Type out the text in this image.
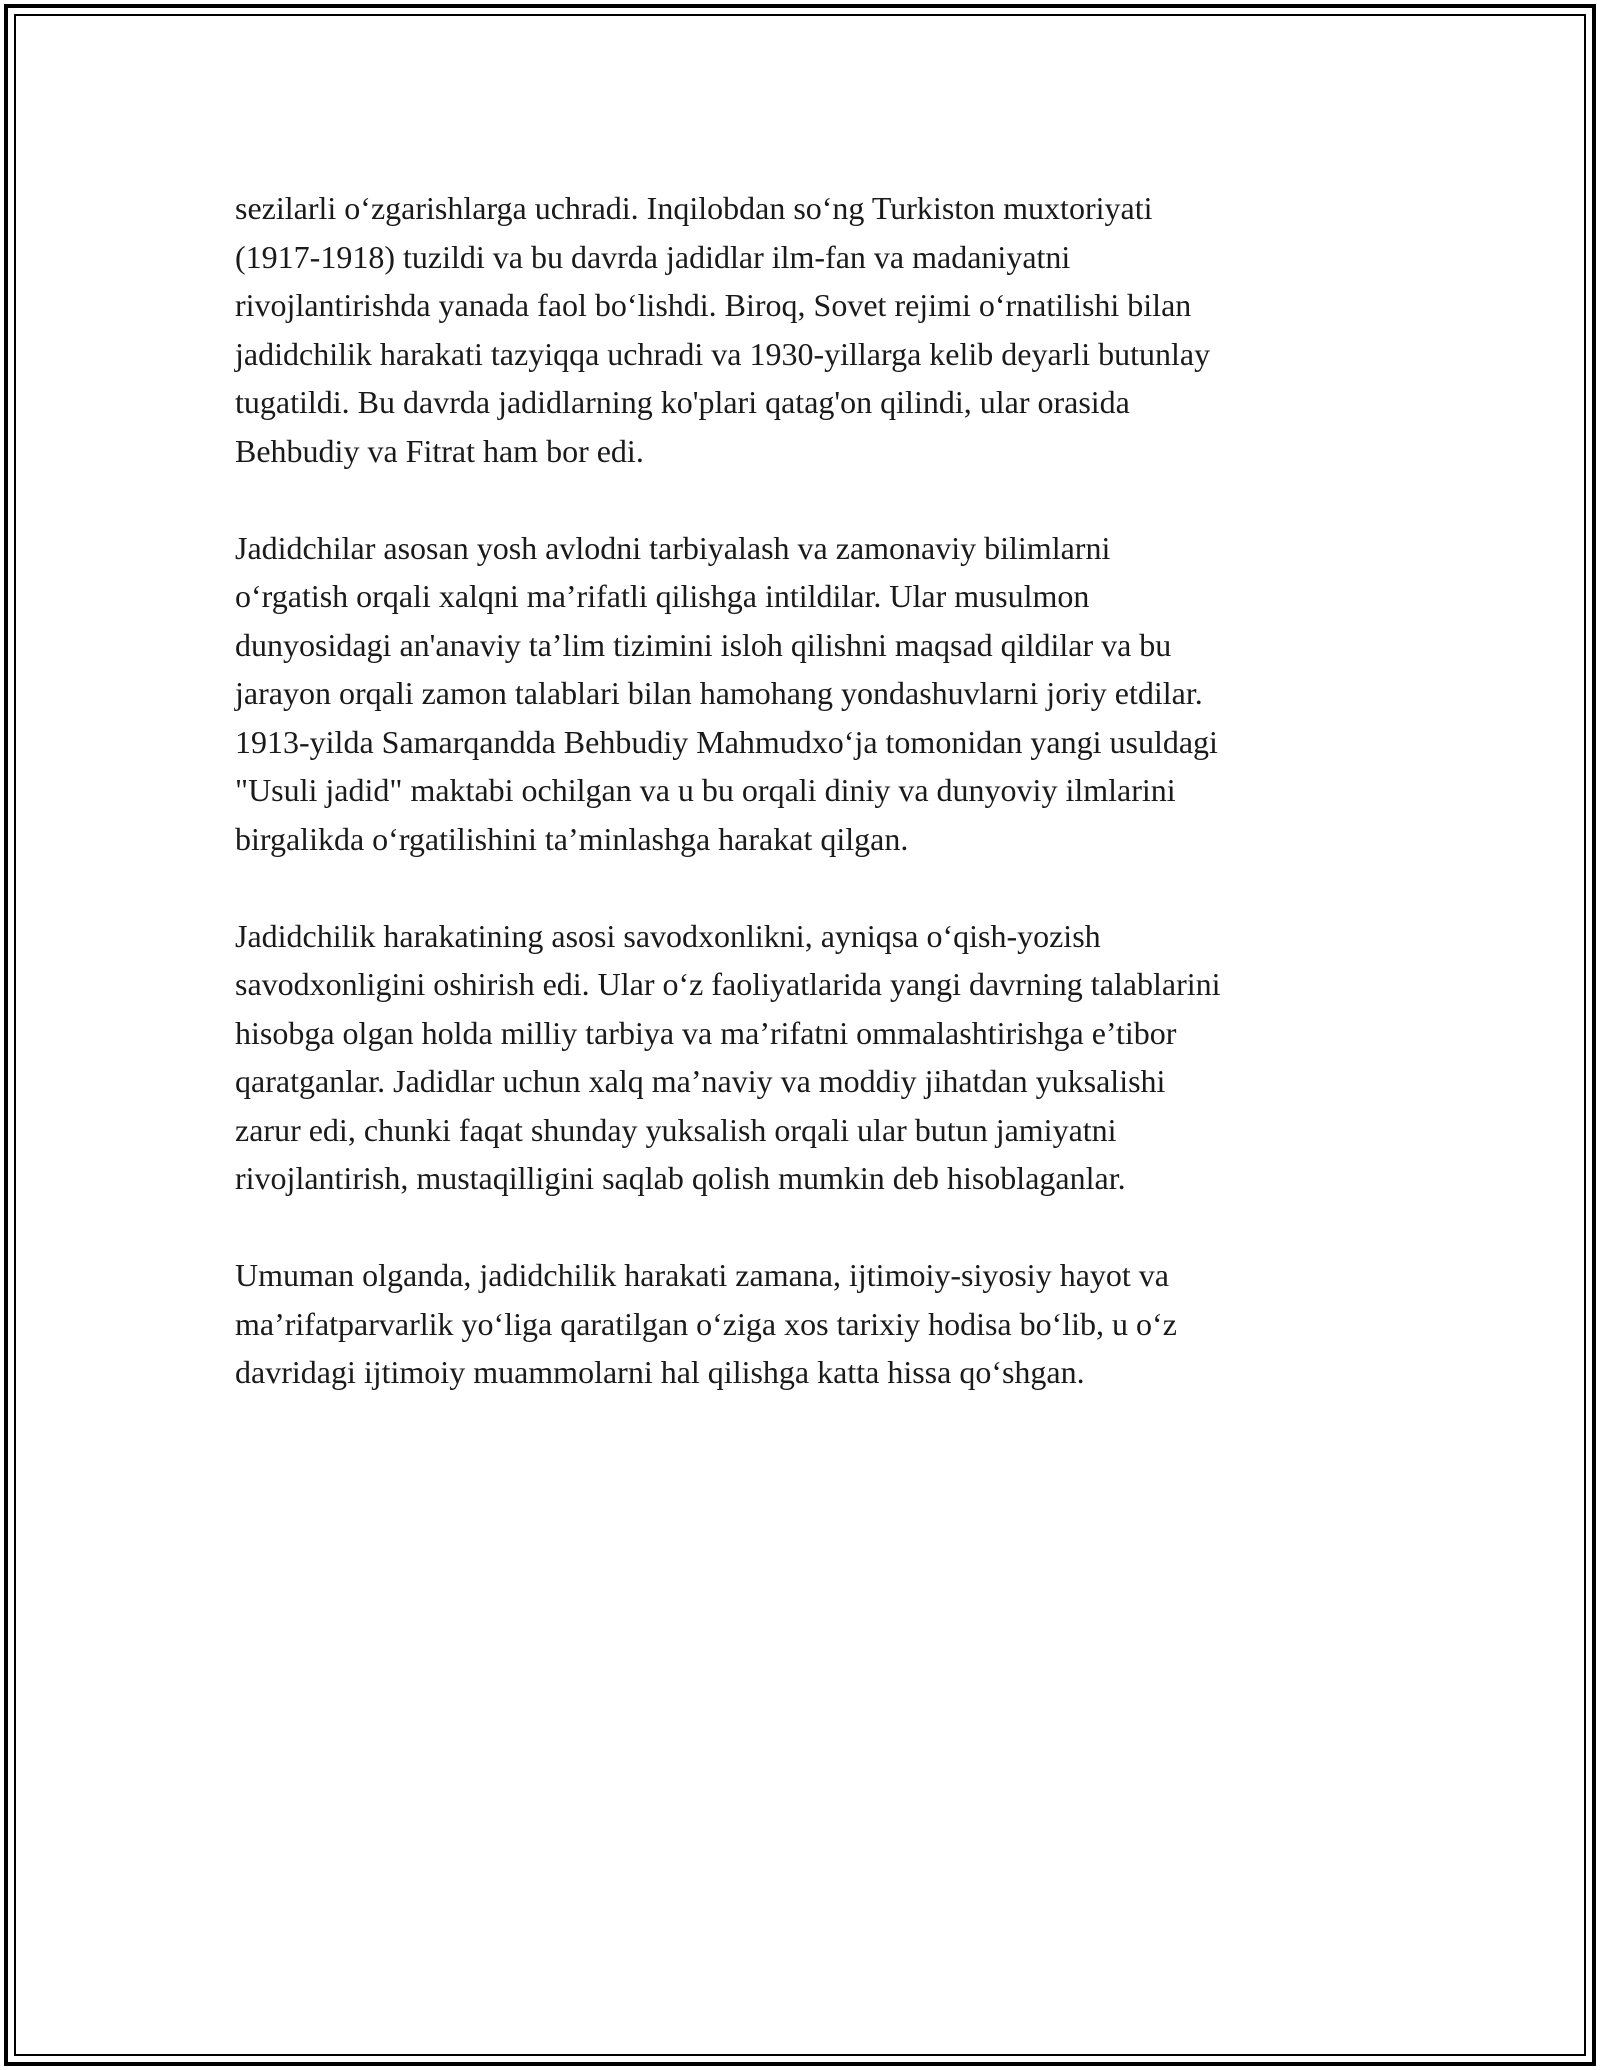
sezilarli o‘zgarishlarga uchradi. Inqilobdan so‘ng Turkiston muxtoriyati
(1917-1918) tuzildi va bu davrda jadidlar ilm-fan va madaniyatni
rivojlantirishda yanada faol bo‘lishdi. Biroq, Sovet rejimi o‘rnatilishi bilan
jadidchilik harakati tazyiqqa uchradi va 1930-yillarga kelib deyarli butunlay
tugatildi. Bu davrda jadidlarning ko'plari qatag'on qilindi, ular orasida
Behbudiy va Fitrat ham bor edi.

Jadidchilar asosan yosh avlodni tarbiyalash va zamonaviy bilimlarni
o‘rgatish orqali xalqni ma’rifatli qilishga intildilar. Ular musulmon
dunyosidagi an'anaviy ta’lim tizimini isloh qilishni maqsad qildilar va bu
jarayon orqali zamon talablari bilan hamohang yondashuvlarni joriy etdilar.
1913-yilda Samarqandda Behbudiy Mahmudxo‘ja tomonidan yangi usuldagi
"Usuli jadid" maktabi ochilgan va u bu orqali diniy va dunyoviy ilmlarini
birgalikda o‘rgatilishini ta’minlashga harakat qilgan.

Jadidchilik harakatining asosi savodxonlikni, ayniqsa o‘qish-yozish
savodxonligini oshirish edi. Ular o‘z faoliyatlarida yangi davrning talablarini
hisobga olgan holda milliy tarbiya va ma’rifatni ommalashtirishga e’tibor
qaratganlar. Jadidlar uchun xalq ma’naviy va moddiy jihatdan yuksalishi
zarur edi, chunki faqat shunday yuksalish orqali ular butun jamiyatni
rivojlantirish, mustaqilligini saqlab qolish mumkin deb hisoblaganlar.

Umuman olganda, jadidchilik harakati zamana, ijtimoiy-siyosiy hayot va
ma’rifatparvarlik yo‘liga qaratilgan o‘ziga xos tarixiy hodisa bo‘lib, u o‘z
davridagi ijtimoiy muammolarni hal qilishga katta hissa qo‘shgan.
